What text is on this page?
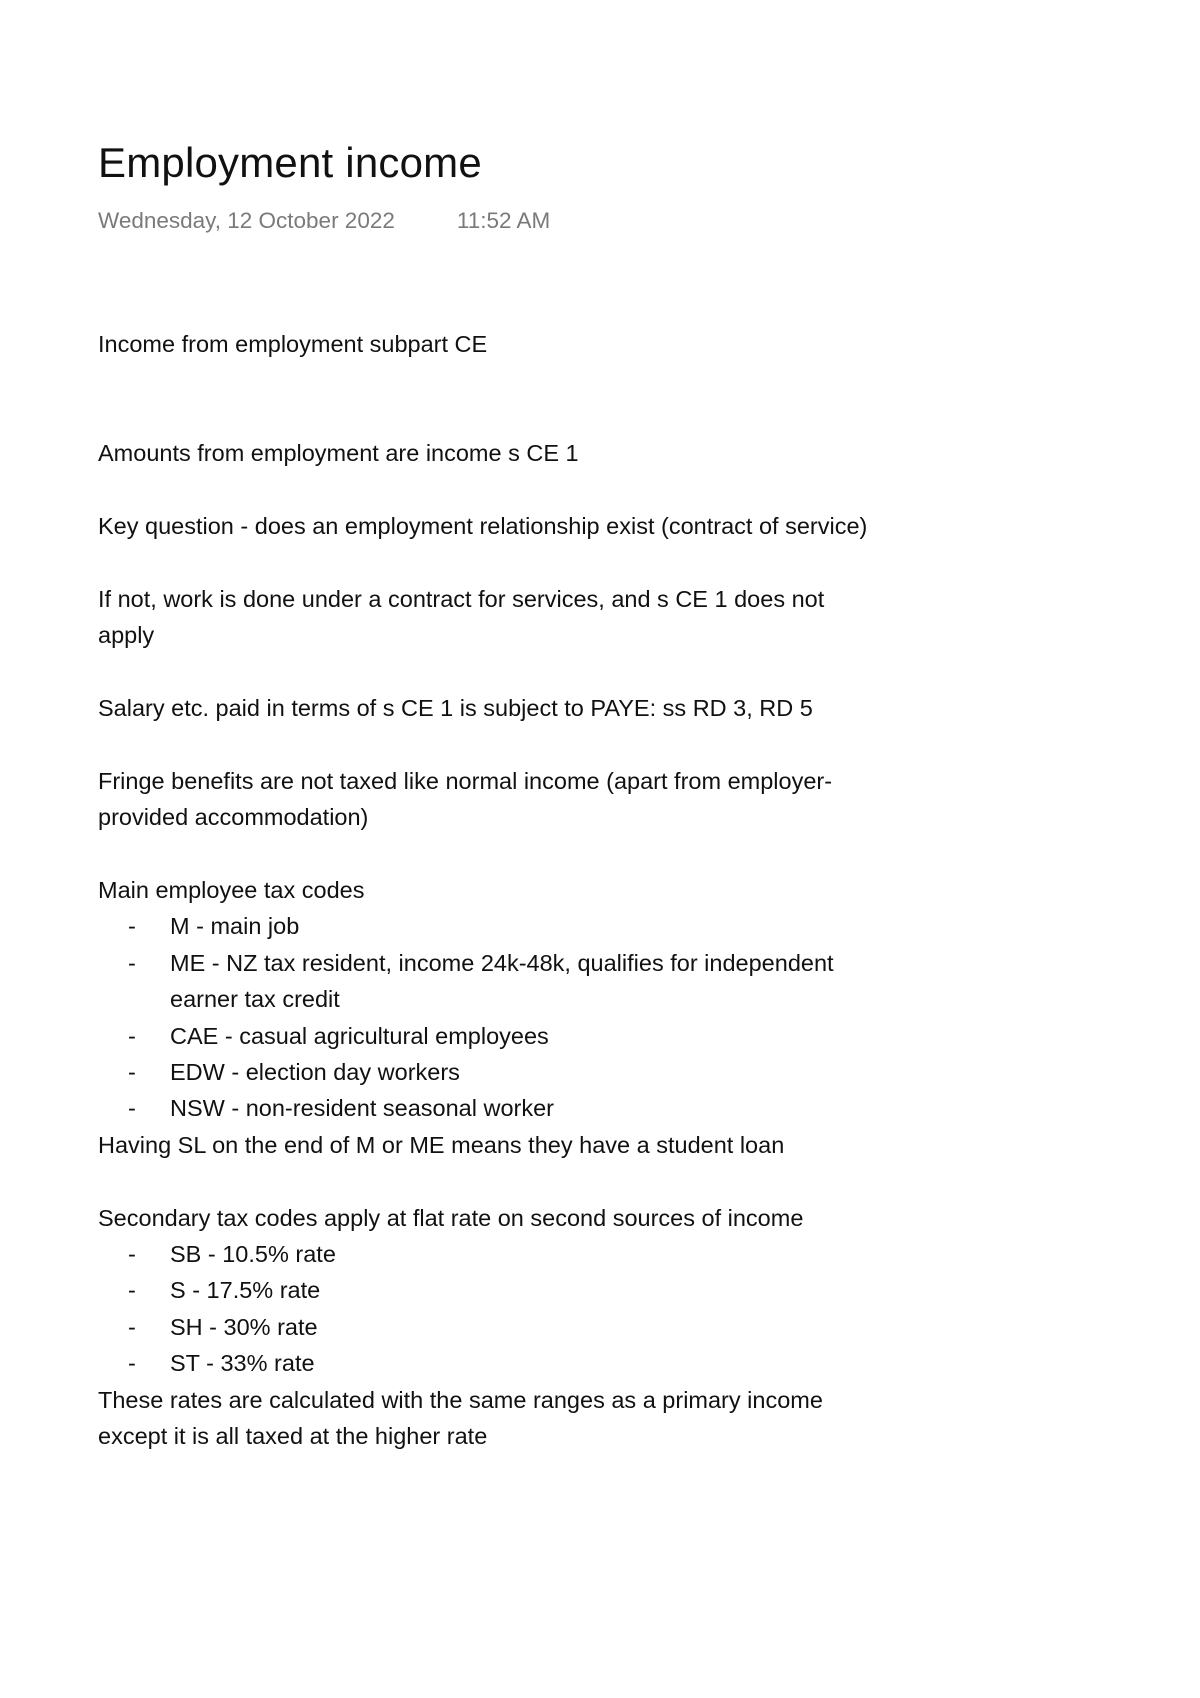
Employment income
Wednesday, 12 October 2022	11:52 AM

Income from employment subpart CE

Amounts from employment are income s CE 1

Key question - does an employment relationship exist (contract of service)

If not, work is done under a contract for services, and s CE 1 does not apply

Salary etc. paid in terms of s CE 1 is subject to PAYE: ss RD 3, RD 5

Fringe benefits are not taxed like normal income (apart from employer-provided accommodation)

Main employee tax codes

- M - main job
- ME - NZ tax resident, income 24k-48k, qualifies for independent earner tax credit
- CAE - casual agricultural employees
- EDW - election day workers
- NSW - non-resident seasonal worker

Having SL on the end of M or ME means they have a student loan

Secondary tax codes apply at flat rate on second sources of income

- SB - 10.5% rate
- S - 17.5% rate
- SH - 30% rate
- ST - 33% rate

These rates are calculated with the same ranges as a primary income except it is all taxed at the higher rate
